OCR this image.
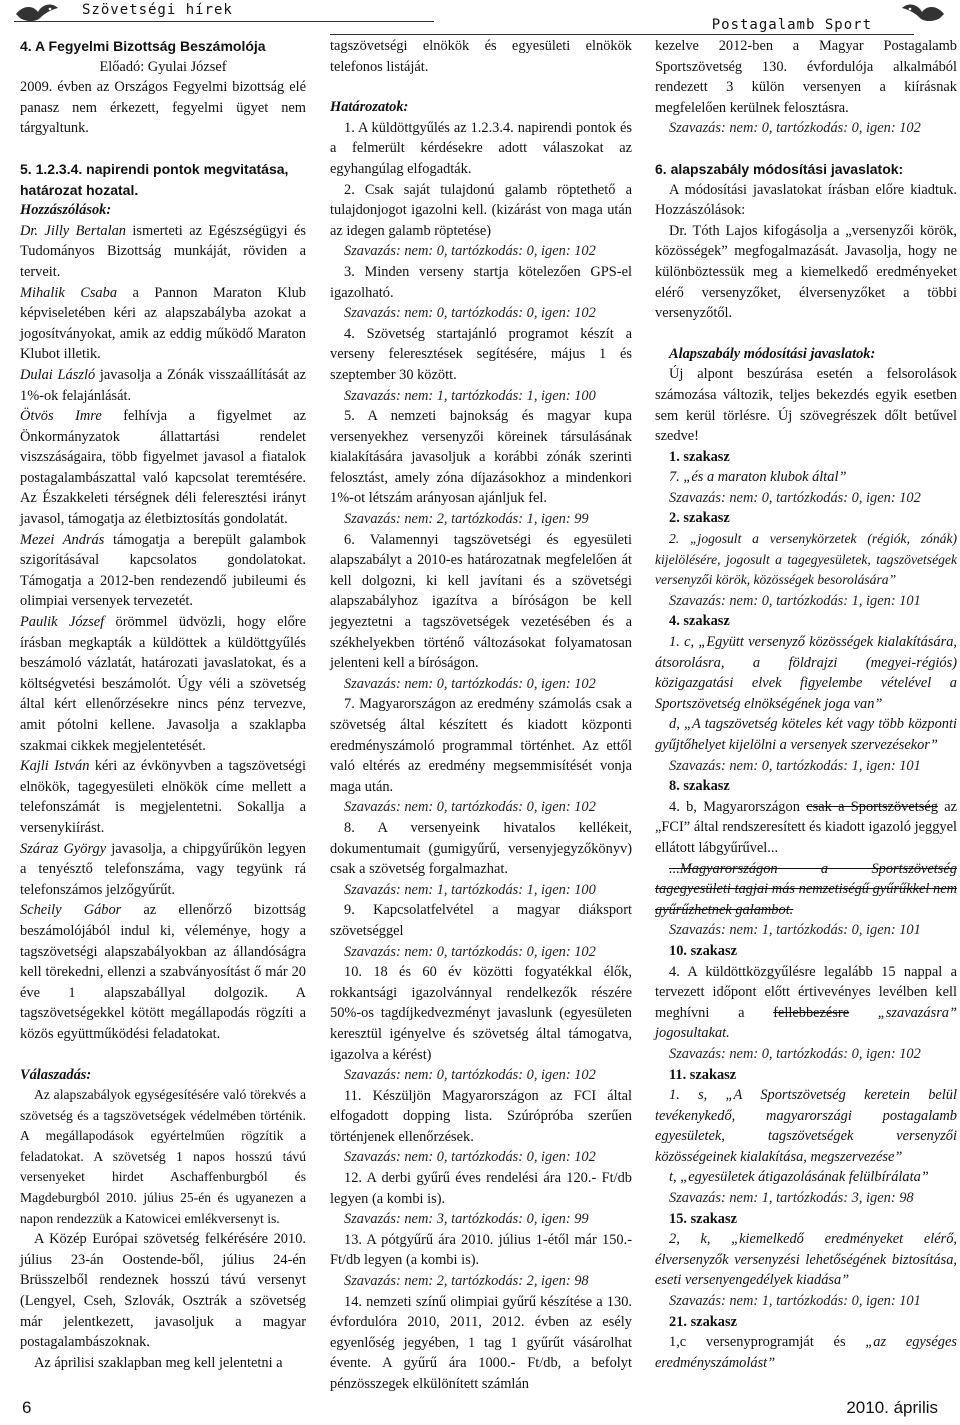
Szövetségi hírek
Postagalamb Sport

4. A Fegyelmi Bizottság Beszámolója

Előadó: Gyulai József

2009. évben az Országos Fegyelmi bizottság elé panasz nem érkezett, fegyelmi ügyet nem tárgyaltunk.

5. 1.2.3.4. napirendi pontok megvitatása, határozat hozatal.

Hozzászólások:

Dr. Jilly Bertalan ismerteti az Egészségügyi és Tudományos Bizottság munkáját, röviden a terveit.

Mihalik Csaba a Pannon Maraton Klub képviseletében kéri az alapszabályba azokat a jogosítványokat, amik az eddig működő Maraton Klubot illetik.

Dulai László javasolja a Zónák visszaállítását az 1%-ok felajánlását.

Ötvös Imre felhívja a figyelmet az Önkormányzatok állattartási rendelet viszszáságaira, több figyelmet javasol a fiatalok postagalambászattal való kapcsolat teremtésére. Az Északkeleti térségnek déli feleresztési irányt javasol, támogatja az életbiztosítás gondolatát.

Mezei András támogatja a berepült galambok szigorításával kapcsolatos gondolatokat. Támogatja a 2012-ben rendezendő jubileumi és olimpiai versenyek tervezetét.

Paulik József örömmel üdvözli, hogy előre írásban megkapták a küldöttek a küldöttgyűlés beszámoló vázlatát, határozati javaslatokat, és a költségvetési beszámolót. Úgy véli a szövetség által kért ellenőrzésekre nincs pénz tervezve, amit pótolni kellene. Javasolja a szaklapba szakmai cikkek megjelentetését.

Kajli István kéri az évkönyvben a tagszövetségi elnökök, tagegyesületi elnökök címe mellett a telefonszámát is megjelentetni. Sokallja a versenykiírást.

Száraz György javasolja, a chipgyűrűkön legyen a tenyésztő telefonszáma, vagy tegyünk rá telefonszámos jelzőgyűrűt.

Scheily Gábor az ellenőrző bizottság beszámolójából indul ki, véleménye, hogy a tagszövetségi alapszabályokban az állandóságra kell törekedni, ellenzi a szabványosítást ő már 20 éve 1 alapszabállyal dolgozik. A tagszövetségekkel kötött megállapodás rögzíti a közös együttműködési feladatokat.

Válaszadás:

Az alapszabályok egységesítésére való törekvés a szövetség és a tagszövetségek védelmében történik. A megállapodások egyértelműen rögzítik a feladatokat. A szövetség 1 napos hosszú távú versenyeket hirdet Aschaffenburgból és Magdeburgból 2010. július 25-én és ugyanezen a napon rendezzük a Katowicei emlékversenyt is.

A Közép Európai szövetség felkérésére 2010. július 23-án Oostende-ből, július 24-én Brüsszelből rendeznek hosszú távú versenyt (Lengyel, Cseh, Szlovák, Osztrák a szövetség már jelentkezett, javasoljuk a magyar postagalambászoknak.

Az áprilisi szaklapban meg kell jelentetni a

tagszövetségi elnökök és egyesületi elnökök telefonos listáját.

Határozatok:

1. A küldöttgyűlés az 1.2.3.4. napirendi pontok és a felmerült kérdésekre adott válaszokat az egyhangúlag elfogadták.

2. Csak saját tulajdonú galamb röptethető a tulajdonjogot igazolni kell. (kizárást von maga után az idegen galamb röptetése)

Szavazás: nem: 0, tartózkodás: 0, igen: 102

3. Minden verseny startja kötelezően GPS-el igazolható.

Szavazás: nem: 0, tartózkodás: 0, igen: 102

4. Szövetség startajánló programot készít a verseny feleresztések segítésére, május 1 és szeptember 30 között.

Szavazás: nem: 1, tartózkodás: 1, igen: 100

5. A nemzeti bajnokság és magyar kupa versenyekhez versenyzői köreinek társulásának kialakítására javasoljuk a korábbi zónák szerinti felosztást, amely zóna díjazásokhoz a mindenkori 1%-ot létszám arányosan ajánljuk fel.

Szavazás: nem: 2, tartózkodás: 1, igen: 99

6. Valamennyi tagszövetségi és egyesületi alapszabályt a 2010-es határozatnak megfelelően át kell dolgozni, ki kell javítani és a szövetségi alapszabályhoz igazítva a bíróságon be kell jegyeztetni a tagszövetségek vezetésében és a székhelyekben történő változásokat folyamatosan jelenteni kell a bíróságon.

Szavazás: nem: 0, tartózkodás: 0, igen: 102

7. Magyarországon az eredmény számolás csak a szövetség által készített és kiadott központi eredményszámoló programmal történhet. Az ettől való eltérés az eredmény megsemmisítését vonja maga után.

Szavazás: nem: 0, tartózkodás: 0, igen: 102

8. A versenyeink hivatalos kellékeit, dokumentumait (gumigyűrű, versenyjegyzőkönyv) csak a szövetség forgalmazhat.

Szavazás: nem: 1, tartózkodás: 1, igen: 100

9. Kapcsolatfelvétel a magyar diáksport szövetséggel

Szavazás: nem: 0, tartózkodás: 0, igen: 102

10. 18 és 60 év közötti fogyatékkal élők, rokkantsági igazolvánnyal rendelkezők részére 50%-os tagdíjkedvezményt javaslunk (egyesületen keresztül igényelve és szövetség által támogatva, igazolva a kérést)

Szavazás: nem: 0, tartózkodás: 0, igen: 102

11. Készüljön Magyarországon az FCI által elfogadott dopping lista. Szúrópróba szerűen történjenek ellenőrzések.

Szavazás: nem: 0, tartózkodás: 0, igen: 102

12. A derbi gyűrű éves rendelési ára 120.- Ft/db legyen (a kombi is).

Szavazás: nem: 3, tartózkodás: 0, igen: 99

13. A pótgyűrű ára 2010. július 1-étől már 150.- Ft/db legyen (a kombi is).

Szavazás: nem: 2, tartózkodás: 2, igen: 98

14. nemzeti színű olimpiai gyűrű készítése a 130. évfordulóra 2010, 2011, 2012. évben az esély egyenlőség jegyében, 1 tag 1 gyűrűt vásárolhat évente. A gyűrű ára 1000.- Ft/db, a befolyt pénzösszegek elkülönített számlán

kezelve 2012-ben a Magyar Postagalamb Sportszövetség 130. évfordulója alkalmából rendezett 3 külön versenyen a kiírásnak megfelelően kerülnek felosztásra.

Szavazás: nem: 0, tartózkodás: 0, igen: 102

6. alapszabály módosítási javaslatok:

A módosítási javaslatokat írásban előre kiadtuk. Hozzászólások:

Dr. Tóth Lajos kifogásolja a „versenyzői körök, közösségek” megfogalmazását. Javasolja, hogy ne különböztessük meg a kiemelkedő eredményeket elérő versenyzőket, élversenyzőket a többi versenyzőtől.

Alapszabály módosítási javaslatok:

Új alpont beszúrása esetén a felsorolások számozása változik, teljes bekezdés egyik esetben sem kerül törlésre. Új szövegrészek dőlt betűvel szedve!

1. szakasz

7. „és a maraton klubok által”

Szavazás: nem: 0, tartózkodás: 0, igen: 102

2. szakasz

2. „jogosult a versenykörzetek (régiók, zónák) kijelölésére, jogosult a tagegyesületek, tagszövetségek versenyzői körök, közösségek besorolására”

Szavazás: nem: 0, tartózkodás: 1, igen: 101

4. szakasz

1. c, „Együtt versenyző közösségek kialakítására, átsorolásra, a földrajzi (megyei-régiós) közigazgatási elvek figyelembe vételével a Sportszövetség elnökségének joga van”

d, „A tagszövetség köteles két vagy több központi gyűjtőhelyet kijelölni a versenyek szervezésekor”

Szavazás: nem: 0, tartózkodás: 1, igen: 101

8. szakasz

4. b, Magyarországon csak a Sportszövetség az „FCI” által rendszeresített és kiadott igazoló jeggyel ellátott lábgyűrűvel...

...Magyarországon a Sportszövetség tagegyesületi tagjai más nemzetiségű gyűrűkkel nem gyűrűzhetnek galambot.

Szavazás: nem: 1, tartózkodás: 0, igen: 101

10. szakasz

4. A küldöttközgyűlésre legalább 15 nappal a tervezett időpont előtt értivevényes levélben kell meghívni a fellebbezésre „szavazásra” jogosultakat.

Szavazás: nem: 0, tartózkodás: 0, igen: 102

11. szakasz

1. s, „A Sportszövetség keretein belül tevékenykedő, magyarországi postagalamb egyesületek, tagszövetségek versenyzői közösségeinek kialakítása, megszervezése”

t, „egyesületek átigazolásának felülbírálata”

Szavazás: nem: 1, tartózkodás: 3, igen: 98

15. szakasz

2, k, „kiemelkedő eredményeket elérő, élversenyzők versenyzési lehetőségének biztosítása, eseti versenyengedélyek kiadása”

Szavazás: nem: 1, tartózkodás: 0, igen: 101

21. szakasz

1,c versenyprogramját és „az egységes eredményszámolást”

6	2010. április
